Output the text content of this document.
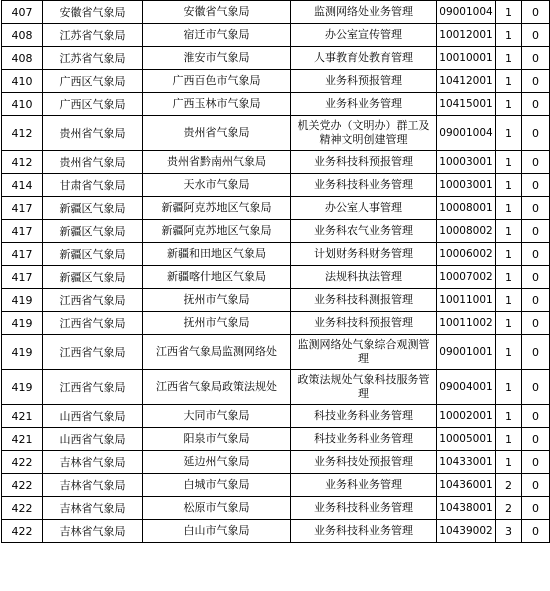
407	安徽省气象局	安徽省气象局	监测网络处业务管理	09001004	1	0
408	江苏省气象局	宿迁市气象局	办公室宣传管理	10012001	1	0
408	江苏省气象局	淮安市气象局	人事教育处教育管理	10010001	1	0
410	广西区气象局	广西百色市气象局	业务科预报管理	10412001	1	0
410	广西区气象局	广西玉林市气象局	业务科业务管理	10415001	1	0
412	贵州省气象局	贵州省气象局	机关党办（文明办）群工及精神文明创建管理	09001004	1	0
412	贵州省气象局	贵州省黔南州气象局	业务科技科预报管理	10003001	1	0
414	甘肃省气象局	天水市气象局	业务科技科业务管理	10003001	1	0
417	新疆区气象局	新疆阿克苏地区气象局	办公室人事管理	10008001	1	0
417	新疆区气象局	新疆阿克苏地区气象局	业务科农气业务管理	10008002	1	0
417	新疆区气象局	新疆和田地区气象局	计划财务科财务管理	10006002	1	0
417	新疆区气象局	新疆喀什地区气象局	法规科执法管理	10007002	1	0
419	江西省气象局	抚州市气象局	业务科技科测报管理	10011001	1	0
419	江西省气象局	抚州市气象局	业务科技科预报管理	10011002	1	0
419	江西省气象局	江西省气象局监测网络处	监测网络处气象综合观测管理	09001001	1	0
419	江西省气象局	江西省气象局政策法规处	政策法规处气象科技服务管理	09004001	1	0
421	山西省气象局	大同市气象局	科技业务科业务管理	10002001	1	0
421	山西省气象局	阳泉市气象局	科技业务科业务管理	10005001	1	0
422	吉林省气象局	延边州气象局	业务科技处预报管理	10433001	1	0
422	吉林省气象局	白城市气象局	业务科业务管理	10436001	2	0
422	吉林省气象局	松原市气象局	业务科技科业务管理	10438001	2	0
422	吉林省气象局	白山市气象局	业务科技科业务管理	10439002	3	0
